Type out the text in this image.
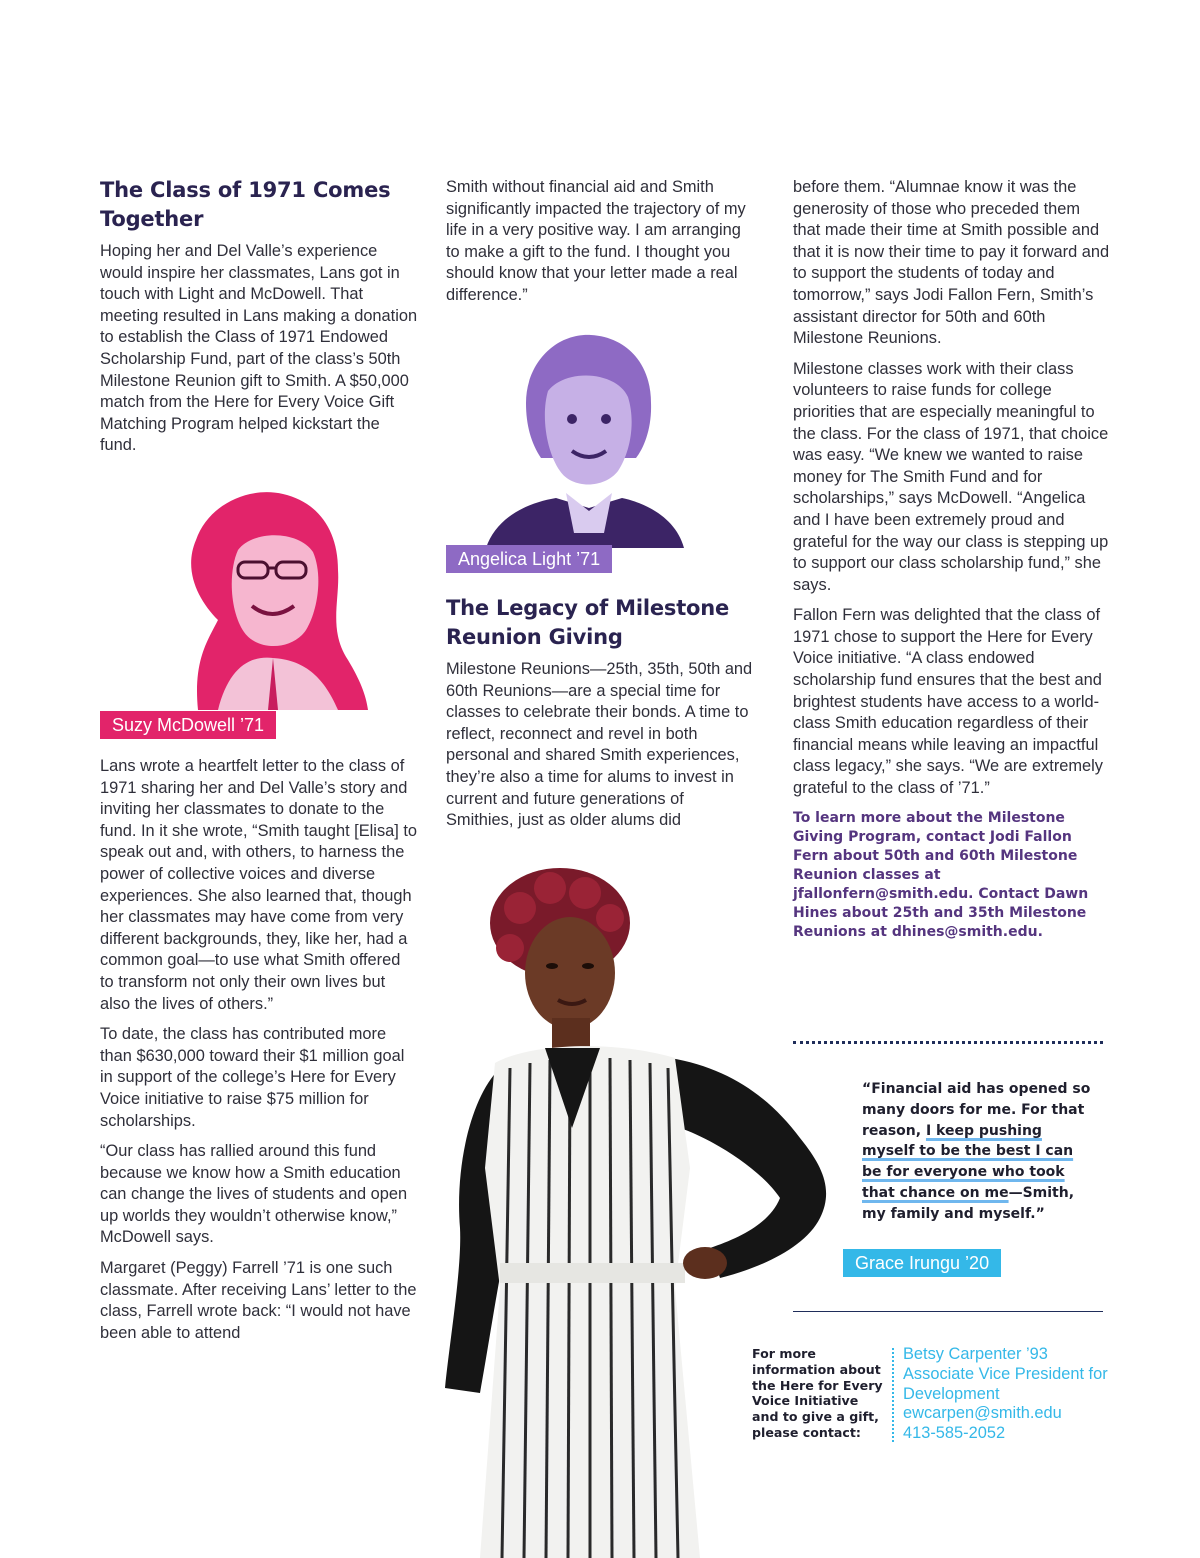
The Class of 1971 Comes Together

Hoping her and Del Valle’s experience would inspire her classmates, Lans got in touch with Light and McDowell. That meeting resulted in Lans making a donation to establish the Class of 1971 Endowed Scholarship Fund, part of the class’s 50th Milestone Reunion gift to Smith. A $50,000 match from the Here for Every Voice Gift Matching Program helped kickstart the fund.

Suzy McDowell ’71

Lans wrote a heartfelt letter to the class of 1971 sharing her and Del Valle’s story and inviting her classmates to donate to the fund. In it she wrote, “Smith taught [Elisa] to speak out and, with others, to harness the power of collective voices and diverse experiences. She also learned that, though her classmates may have come from very different backgrounds, they, like her, had a common goal—to use what Smith offered to transform not only their own lives but also the lives of others.”

To date, the class has contributed more than $630,000 toward their $1 million goal in support of the college’s Here for Every Voice initiative to raise $75 million for scholarships.

“Our class has rallied around this fund because we know how a Smith education can change the lives of students and open up worlds they wouldn’t otherwise know,” McDowell says.

Margaret (Peggy) Farrell ’71 is one such classmate. After receiving Lans’ letter to the class, Farrell wrote back: “I would not have been able to attend

Smith without financial aid and Smith significantly impacted the trajectory of my life in a very positive way. I am arranging to make a gift to the fund. I thought you should know that your letter made a real difference.”

Angelica Light ’71
The Legacy of Milestone Reunion Giving

Milestone Reunions—25th, 35th, 50th and 60th Reunions—are a special time for classes to celebrate their bonds. A time to reflect, reconnect and revel in both personal and shared Smith experiences, they’re also a time for alums to invest in current and future generations of Smithies, just as older alums did

before them. “Alumnae know it was the generosity of those who preceded them that made their time at Smith possible and that it is now their time to pay it forward and to support the students of today and tomorrow,” says Jodi Fallon Fern, Smith’s assistant director for 50th and 60th Milestone Reunions.

Milestone classes work with their class volunteers to raise funds for college priorities that are especially meaningful to the class. For the class of 1971, that choice was easy. “We knew we wanted to raise money for The Smith Fund and for scholarships,” says McDowell. “Angelica and I have been extremely proud and grateful for the way our class is stepping up to support our class scholarship fund,” she says.

Fallon Fern was delighted that the class of 1971 chose to support the Here for Every Voice initiative. “A class endowed scholarship fund ensures that the best and brightest students have access to a world-class Smith education regardless of their financial means while leaving an impactful class legacy,” she says. “We are extremely grateful to the class of ’71.”

To learn more about the Milestone Giving Program, contact Jodi Fallon Fern about 50th and 60th Milestone Reunion classes at jfallonfern@smith.edu. Contact Dawn Hines about 25th and 35th Milestone Reunions at dhines@smith.edu.
“Financial aid has opened so many doors for me. For that reason, I keep pushing myself to be the best I can be for everyone who took that chance on me—Smith, my family and myself.”
Grace Irungu ’20
For more information about the Here for Every Voice Initiative and to give a gift, please contact:
Betsy Carpenter ’93
Associate Vice President for Development
ewcarpen@smith.edu
413-585-2052
